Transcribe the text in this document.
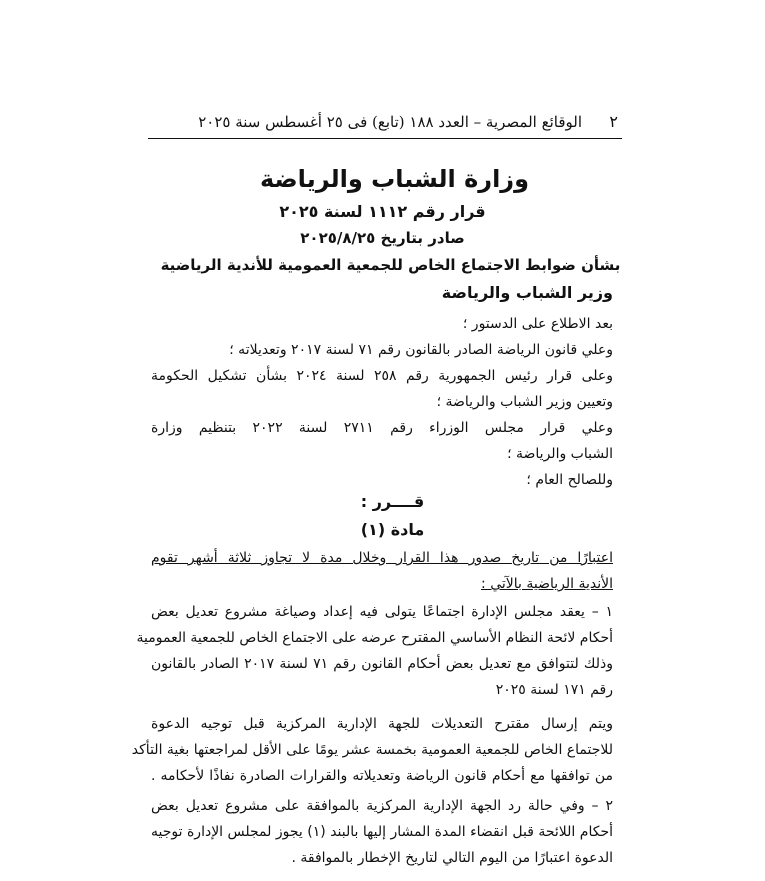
٢
الوقائع المصرية – العدد ١٨٨ (تابع) فى ٢٥ أغسطس سنة ٢٠٢٥
وزارة الشباب والرياضة
قرار رقم ١١١٢ لسنة ٢٠٢٥
صادر بتاريخ ٢٠٢٥/٨/٢٥
بشأن ضوابط الاجتماع الخاص للجمعية العمومية للأندية الرياضية
وزير الشباب والرياضة
بعد الاطلاع على الدستور ؛
وعلي قانون الرياضة الصادر بالقانون رقم ٧١ لسنة ٢٠١٧ وتعديلاته ؛
وعلى قرار رئيس الجمهورية رقم ٢٥٨ لسنة ٢٠٢٤ بشأن تشكيل الحكومة
وتعيين وزير الشباب والرياضة ؛
وعلي قرار مجلس الوزراء رقم ٢٧١١ لسنة ٢٠٢٢ بتنظيم وزارة
الشباب والرياضة ؛
وللصالح العام ؛
قــــرر :
مادة (١)
اعتبارًا من تاريخ صدور هذا القرار وخلال مدة لا تجاوز ثلاثة أشهر تقوم
الأندية الرياضية بالآتي :
١ – يعقد مجلس الإدارة اجتماعًا يتولى فيه إعداد وصياغة مشروع تعديل بعض
أحكام لائحة النظام الأساسي المقترح عرضه على الاجتماع الخاص للجمعية العمومية
وذلك لتتوافق مع تعديل بعض أحكام القانون رقم ٧١ لسنة ٢٠١٧ الصادر بالقانون
رقم ١٧١ لسنة ٢٠٢٥
ويتم إرسال مقترح التعديلات للجهة الإدارية المركزية قبل توجيه الدعوة
للاجتماع الخاص للجمعية العمومية بخمسة عشر يومًا على الأقل لمراجعتها بغية التأكد
من توافقها مع أحكام قانون الرياضة وتعديلاته والقرارات الصادرة نفاذًا لأحكامه .
٢ – وفي حالة رد الجهة الإدارية المركزية بالموافقة على مشروع تعديل بعض
أحكام اللائحة قبل انقضاء المدة المشار إليها بالبند (١) يجوز لمجلس الإدارة توجيه
الدعوة اعتبارًا من اليوم التالي لتاريخ الإخطار بالموافقة .
